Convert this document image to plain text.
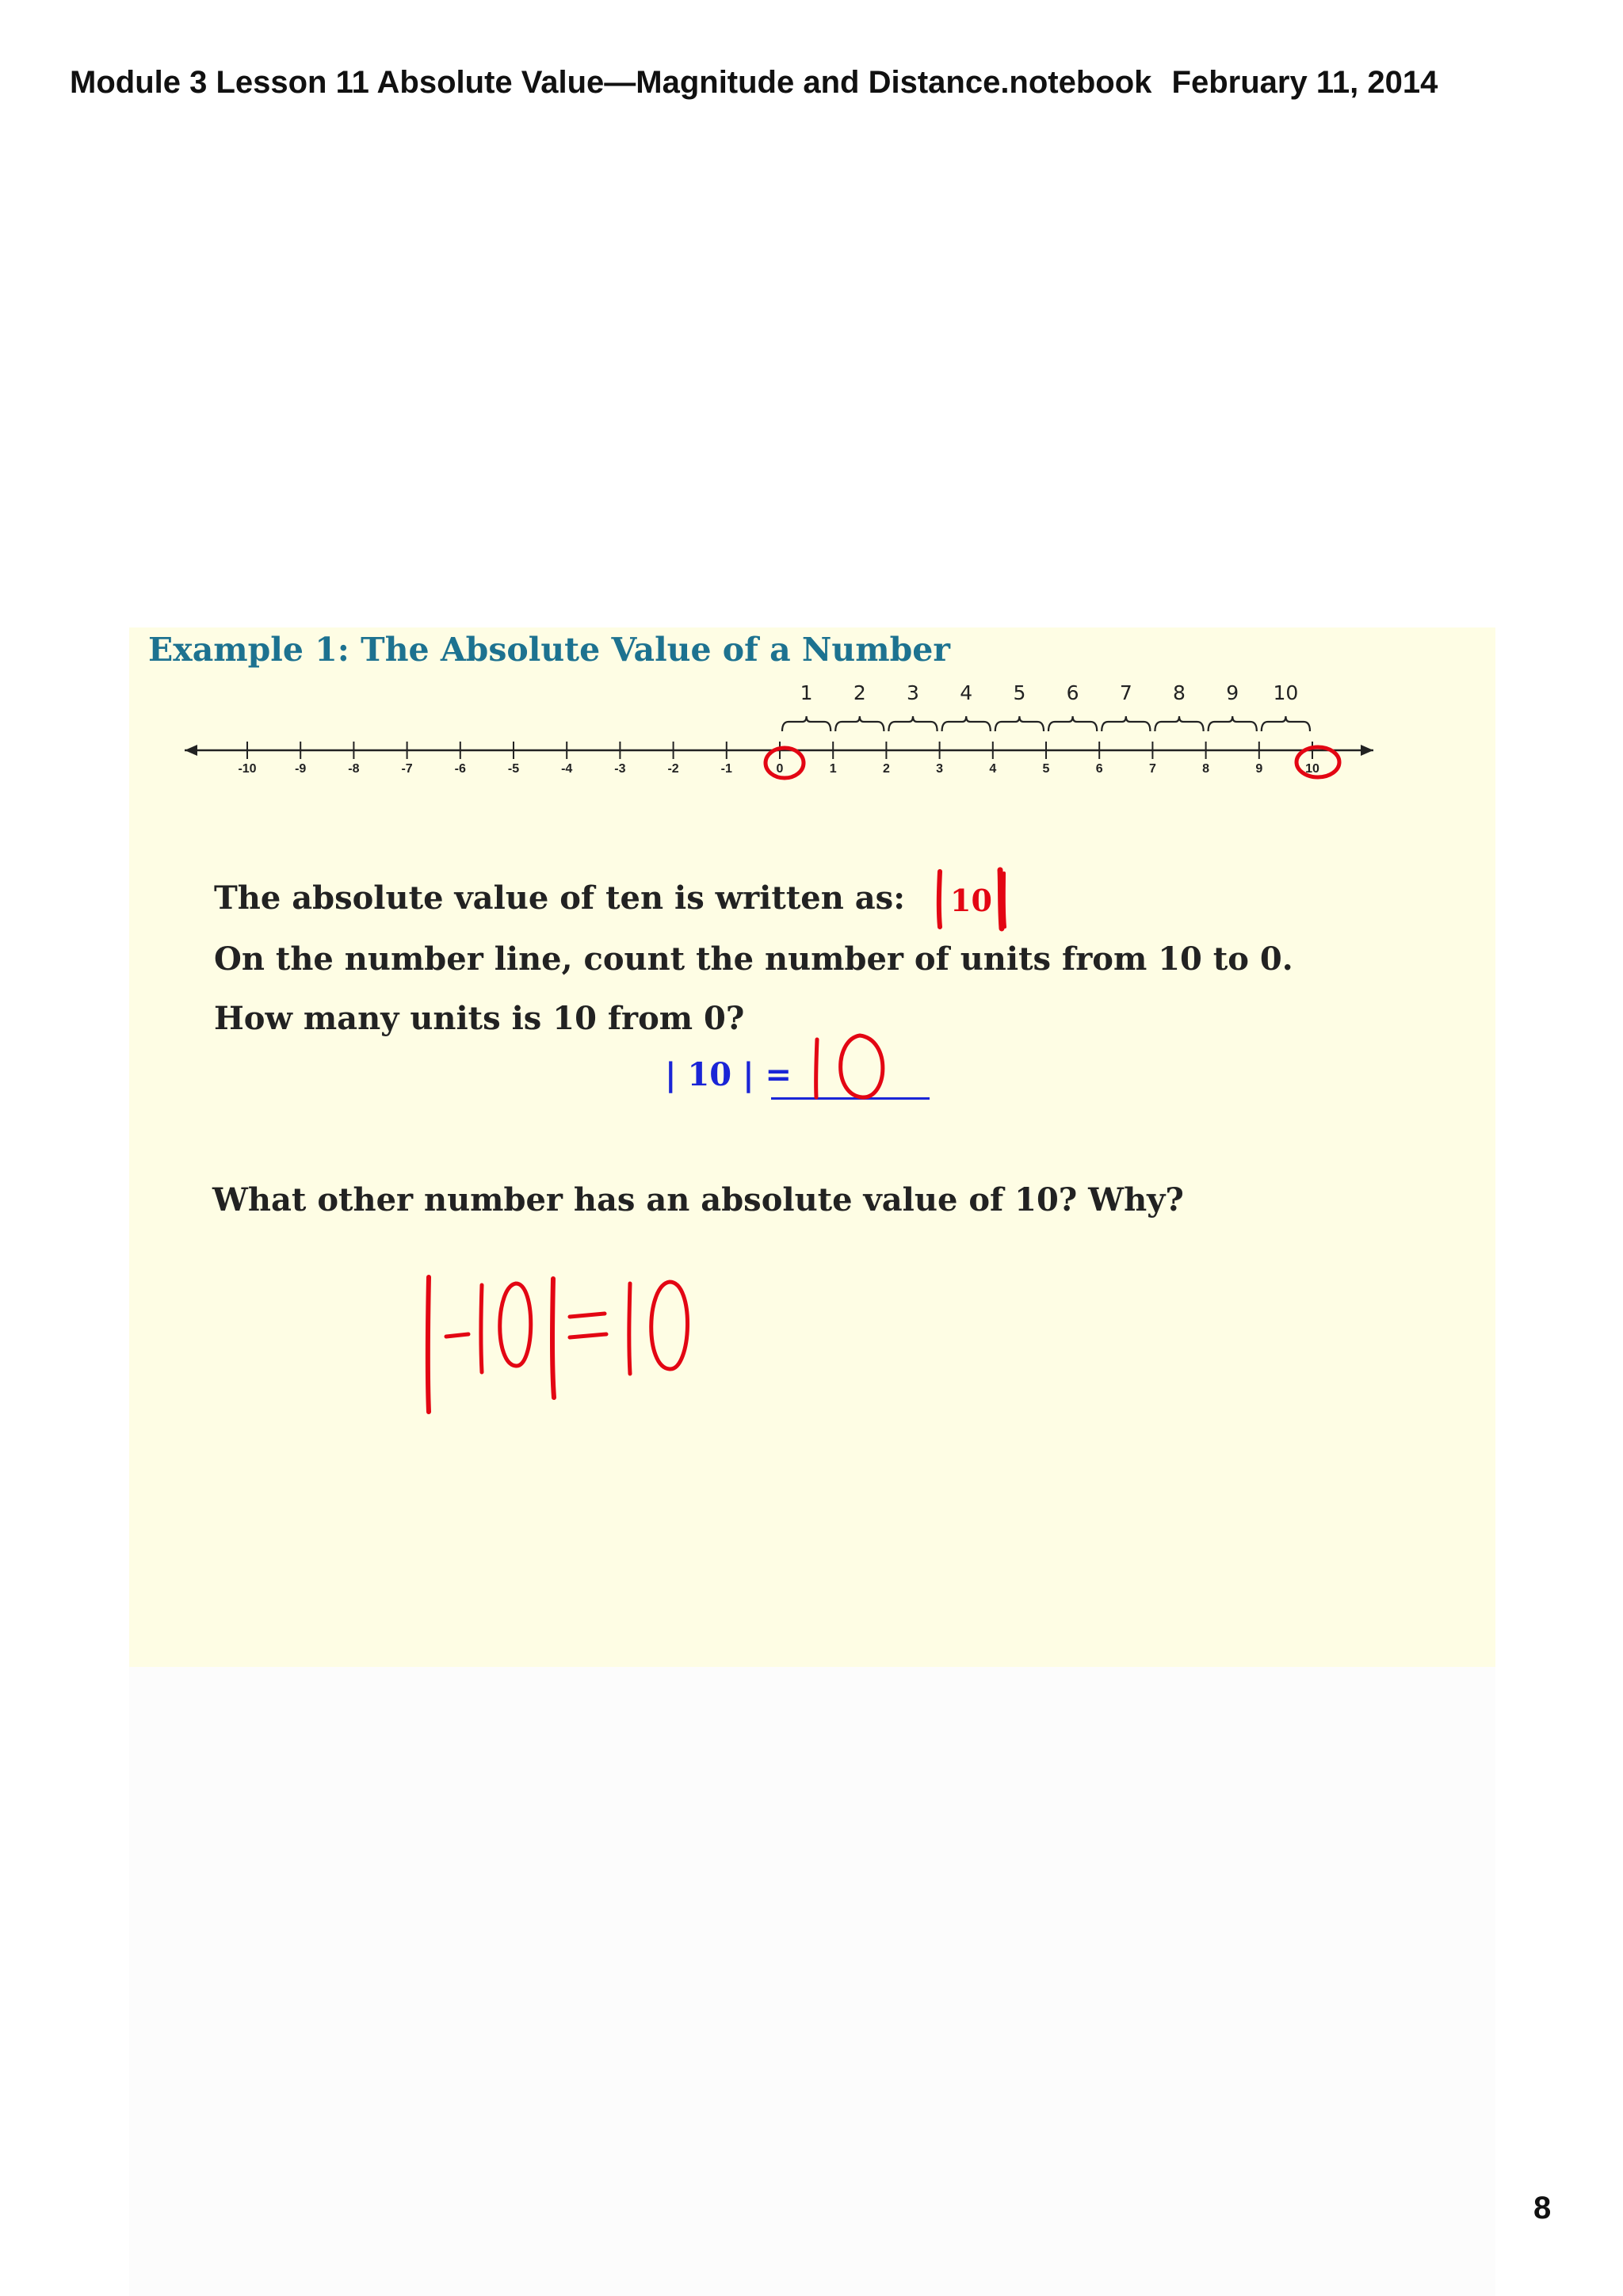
Module 3 Lesson 11 Absolute Value—Magnitude and Distance.notebook February 11, 2014
Example 1: The Absolute Value of a Number
-10	-9	-8	-7	-6	-5	-4	-3	-2	-1	0	1	2	3	4	5	6	7	8	9	10
1 2 3 4 5 6 7 8 9 10
The absolute value of ten is written as: 10
On the number line, count the number of units from 10 to 0.
How many units is 10 from 0?
| 10 | =
What other number has an absolute value of 10? Why?
8
